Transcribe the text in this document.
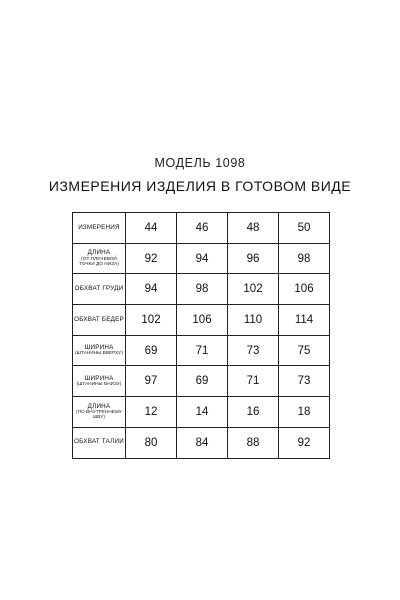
МОДЕЛЬ 1098
ИЗМЕРЕНИЯ ИЗДЕЛИЯ В ГОТОВОМ ВИДЕ
ИЗМЕРЕНИЯ	44	46	48	50

ДЛИНА
(ОТ ПЛЕЧЕВОЙ ТОЧКИ ДО НИЗА)	92	94	96	98

ОБХВАТ ГРУДИ	94	98	102	106

ОБХВАТ БЕДЕР	102	106	110	114

ШИРИНА
(ШТАНИНЫ ВВЕРХУ)	69	71	73	75

ШИРИНА
(ШТАНИНЫ ВНИЗУ)	97	69	71	73

ДЛИНА
(ПО ВНУТРЕННЕМУ ШВУ)	12	14	16	18

ОБХВАТ ТАЛИИ	80	84	88	92
